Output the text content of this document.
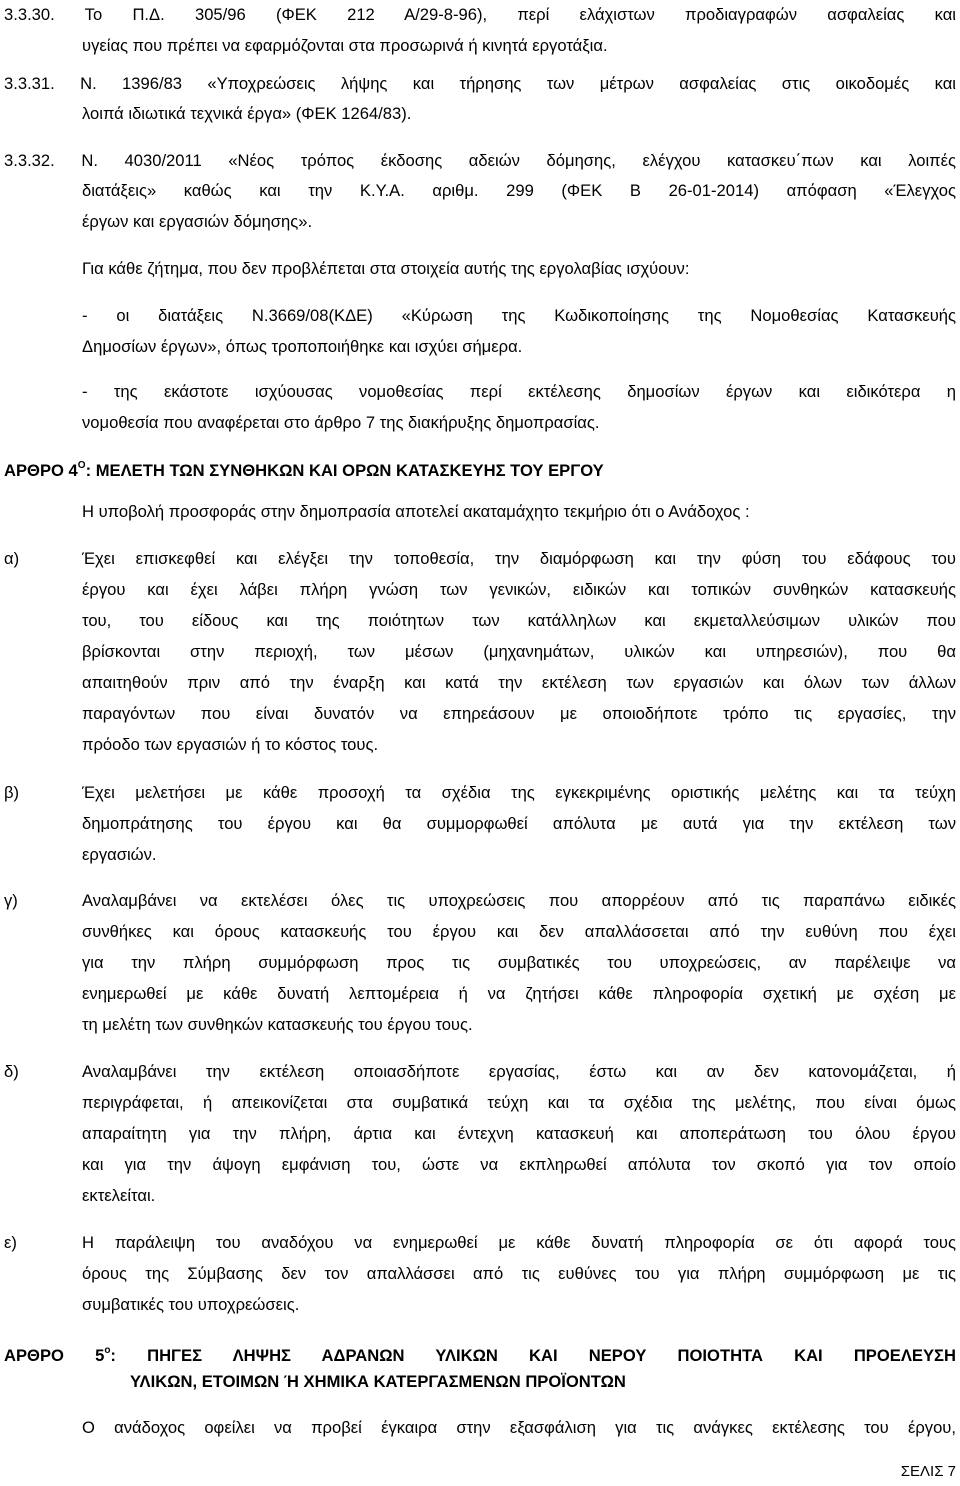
3.3.30. Το Π.Δ. 305/96 (ΦΕΚ 212 Α/29-8-96), περί ελάχιστων προδιαγραφών ασφαλείας και
υγείας που πρέπει να εφαρμόζονται στα προσωρινά ή κινητά εργοτάξια.
3.3.31. Ν. 1396/83 «Υποχρεώσεις λήψης και τήρησης των μέτρων ασφαλείας στις οικοδομές και
λοιπά ιδιωτικά τεχνικά έργα» (ΦΕΚ 1264/83).
3.3.32. Ν. 4030/2011 «Νέος τρόπος έκδοσης αδειών δόμησης, ελέγχου κατασκευ΄πων και λοιπές
διατάξεις» καθώς και την Κ.Υ.Α. αριθμ. 299 (ΦΕΚ Β 26-01-2014) απόφαση «Έλεγχος
έργων και εργασιών δόμησης».
Για κάθε ζήτημα, που δεν προβλέπεται στα στοιχεία αυτής της εργολαβίας ισχύουν:
- οι διατάξεις Ν.3669/08(ΚΔΕ) «Κύρωση της Κωδικοποίησης της Νομοθεσίας Κατασκευής
Δημοσίων έργων», όπως τροποποιήθηκε και ισχύει σήμερα.
- της εκάστοτε ισχύουσας νομοθεσίας περί εκτέλεσης δημοσίων έργων και ειδικότερα η
νομοθεσία που αναφέρεται στο άρθρο 7 της διακήρυξης δημοπρασίας.
ΑΡΘΡΟ $4^O$: ΜΕΛΕΤΗ ΤΩΝ ΣΥΝΘΗΚΩΝ ΚΑΙ ΟΡΩΝ ΚΑΤΑΣΚΕΥΗΣ ΤΟΥ ΕΡΓΟΥ
Η υποβολή προσφοράς στην δημοπρασία αποτελεί ακαταμάχητο τεκμήριο ότι ο Ανάδοχος :
α)	Έχει επισκεφθεί και ελέγξει την τοποθεσία, την διαμόρφωση και την φύση του εδάφους του
έργου και έχει λάβει πλήρη γνώση των γενικών, ειδικών και τοπικών συνθηκών κατασκευής
του, του είδους και της ποιότητων των κατάλληλων και εκμεταλλεύσιμων υλικών που
βρίσκονται στην περιοχή, των μέσων (μηχανημάτων, υλικών και υπηρεσιών), που θα
απαιτηθούν πριν από την έναρξη και κατά την εκτέλεση των εργασιών και όλων των άλλων
παραγόντων που είναι δυνατόν να επηρεάσουν με οποιοδήποτε τρόπο τις εργασίες, την
πρόοδο των εργασιών ή το κόστος τους.
β)	Έχει μελετήσει με κάθε προσοχή τα σχέδια της εγκεκριμένης οριστικής μελέτης και τα τεύχη
δημοπράτησης του έργου και θα συμμορφωθεί απόλυτα με αυτά για την εκτέλεση των
εργασιών.
γ)	Αναλαμβάνει να εκτελέσει όλες τις υποχρεώσεις που απορρέουν από τις παραπάνω ειδικές
συνθήκες και όρους κατασκευής του έργου και δεν απαλλάσσεται από την ευθύνη που έχει
για την πλήρη συμμόρφωση προς τις συμβατικές του υποχρεώσεις, αν παρέλειψε να
ενημερωθεί με κάθε δυνατή λεπτομέρεια ή να ζητήσει κάθε πληροφορία σχετική με σχέση με
τη μελέτη των συνθηκών κατασκευής του έργου τους.
δ)	Αναλαμβάνει την εκτέλεση οποιασδήποτε εργασίας, έστω και αν δεν κατονομάζεται, ή
περιγράφεται, ή απεικονίζεται στα συμβατικά τεύχη και τα σχέδια της μελέτης, που είναι όμως
απαραίτητη για την πλήρη, άρτια και έντεχνη κατασκευή και αποπεράτωση του όλου έργου
και για την άψογη εμφάνιση του, ώστε να εκπληρωθεί απόλυτα τον σκοπό για τον οποίο
εκτελείται.
ε)	Η παράλειψη του αναδόχου να ενημερωθεί με κάθε δυνατή πληροφορία σε ότι αφορά τους
όρους της Σύμβασης δεν τον απαλλάσσει από τις ευθύνες του για πλήρη συμμόρφωση με τις
συμβατικές του υποχρεώσεις.
ΑΡΘΡΟ $5^o$: ΠΗΓΕΣ ΛΗΨΗΣ ΑΔΡΑΝΩΝ ΥΛΙΚΩΝ ΚΑΙ ΝΕΡΟΥ ΠΟΙΟΤΗΤΑ ΚΑΙ ΠΡΟΕΛΕΥΣΗ
ΥΛΙΚΩΝ, ΕΤΟΙΜΩΝ Ή ΧΗΜΙΚΑ ΚΑΤΕΡΓΑΣΜΕΝΩΝ ΠΡΟΪΟΝΤΩΝ
Ο ανάδοχος οφείλει να προβεί έγκαιρα στην εξασφάλιση για τις ανάγκες εκτέλεσης του έργου,
ΣΕΛΙΣ 7
